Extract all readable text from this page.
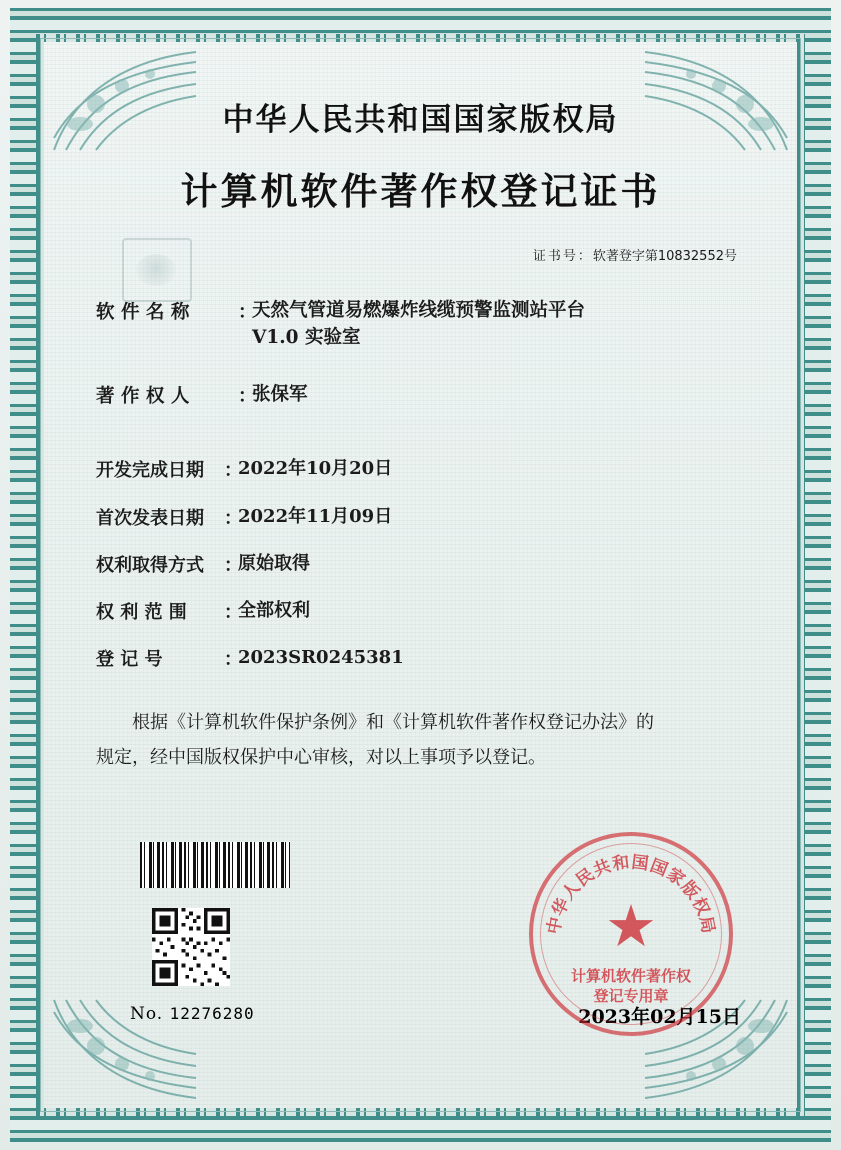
中华人民共和国国家版权局
计算机软件著作权登记证书
证书号：软著登字第10832552号
软 件 名 称	：
天然气管道易燃爆炸线缆预警监测站平台
V1.0 实验室
著 作 权 人	：
张保军
开发完成日期	：
2022年10月20日
首次发表日期	：
2022年11月09日
权利取得方式	：
原始取得
权 利 范 围	：
全部权利
登 记 号	：
2023SR0245381
根据《计算机软件保护条例》和《计算机软件著作权登记办法》的
规定，经中国版权保护中心审核，对以上事项予以登记。
No. 12276280	2023年02月15日
中华人民共和国国家版权局
★
计算机软件著作权
登记专用章
